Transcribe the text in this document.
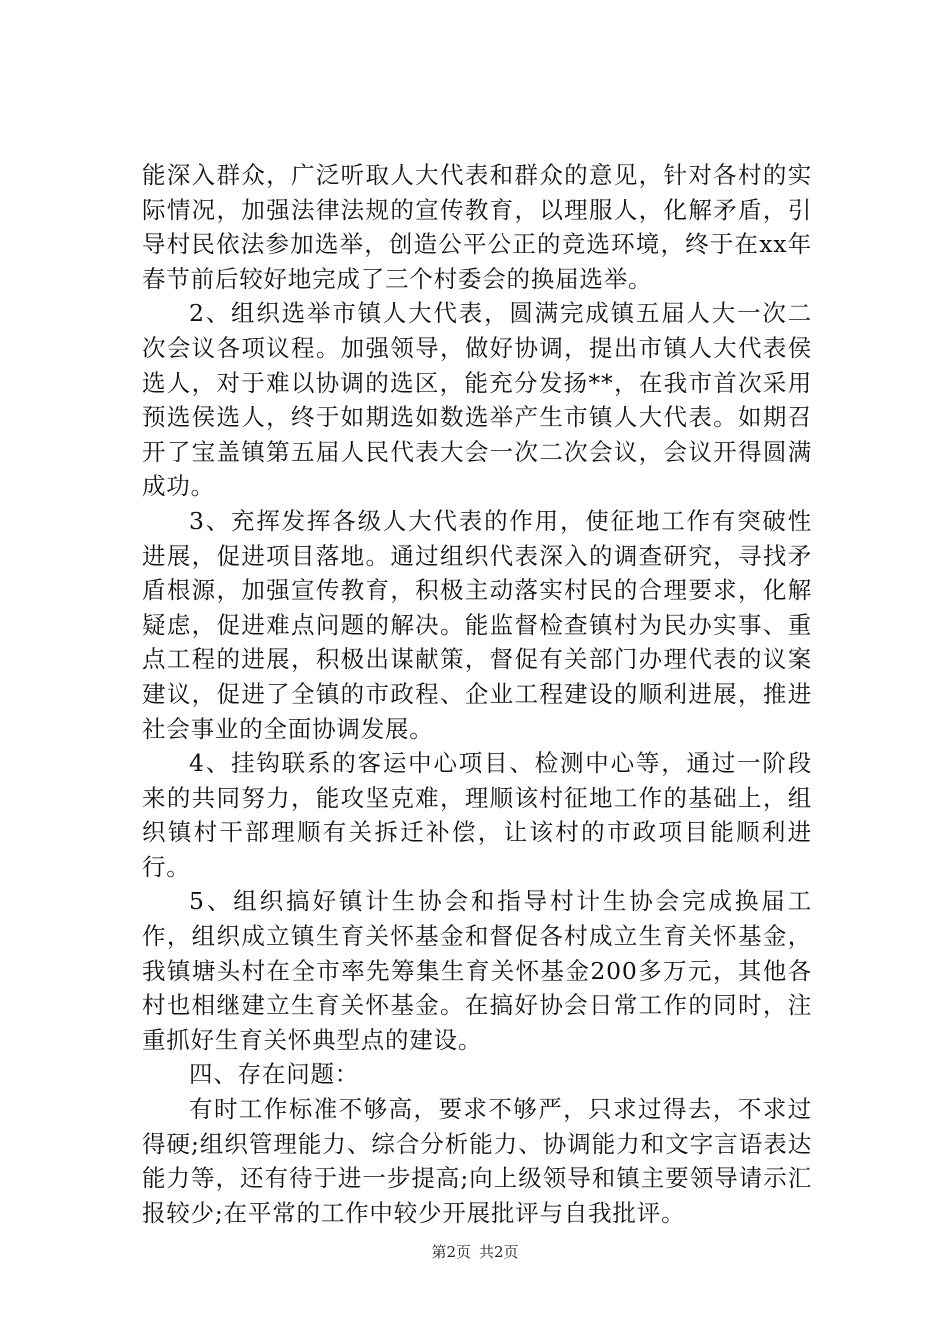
能深入群众，广泛听取人大代表和群众的意见，针对各村的实际情况，加强法律法规的宣传教育，以理服人，化解矛盾，引导村民依法参加选举，创造公平公正的竞选环境，终于在xx年春节前后较好地完成了三个村委会的换届选举。

2、组织选举市镇人大代表，圆满完成镇五届人大一次二次会议各项议程。加强领导，做好协调，提出市镇人大代表侯选人，对于难以协调的选区，能充分发扬**，在我市首次采用预选侯选人，终于如期选如数选举产生市镇人大代表。如期召开了宝盖镇第五届人民代表大会一次二次会议，会议开得圆满成功。

3、充挥发挥各级人大代表的作用，使征地工作有突破性进展，促进项目落地。通过组织代表深入的调查研究，寻找矛盾根源，加强宣传教育，积极主动落实村民的合理要求，化解疑虑，促进难点问题的解决。能监督检查镇村为民办实事、重点工程的进展，积极出谋献策，督促有关部门办理代表的议案建议，促进了全镇的市政程、企业工程建设的顺利进展，推进社会事业的全面协调发展。

4、挂钩联系的客运中心项目、检测中心等，通过一阶段来的共同努力，能攻坚克难，理顺该村征地工作的基础上，组织镇村干部理顺有关拆迁补偿，让该村的市政项目能顺利进行。

5、组织搞好镇计生协会和指导村计生协会完成换届工作，组织成立镇生育关怀基金和督促各村成立生育关怀基金，我镇塘头村在全市率先筹集生育关怀基金200多万元，其他各村也相继建立生育关怀基金。在搞好协会日常工作的同时，注重抓好生育关怀典型点的建设。

四、存在问题：

有时工作标准不够高，要求不够严，只求过得去，不求过得硬;组织管理能力、综合分析能力、协调能力和文字言语表达能力等，还有待于进一步提高;向上级领导和镇主要领导请示汇报较少;在平常的工作中较少开展批评与自我批评。

第2页 共2页
